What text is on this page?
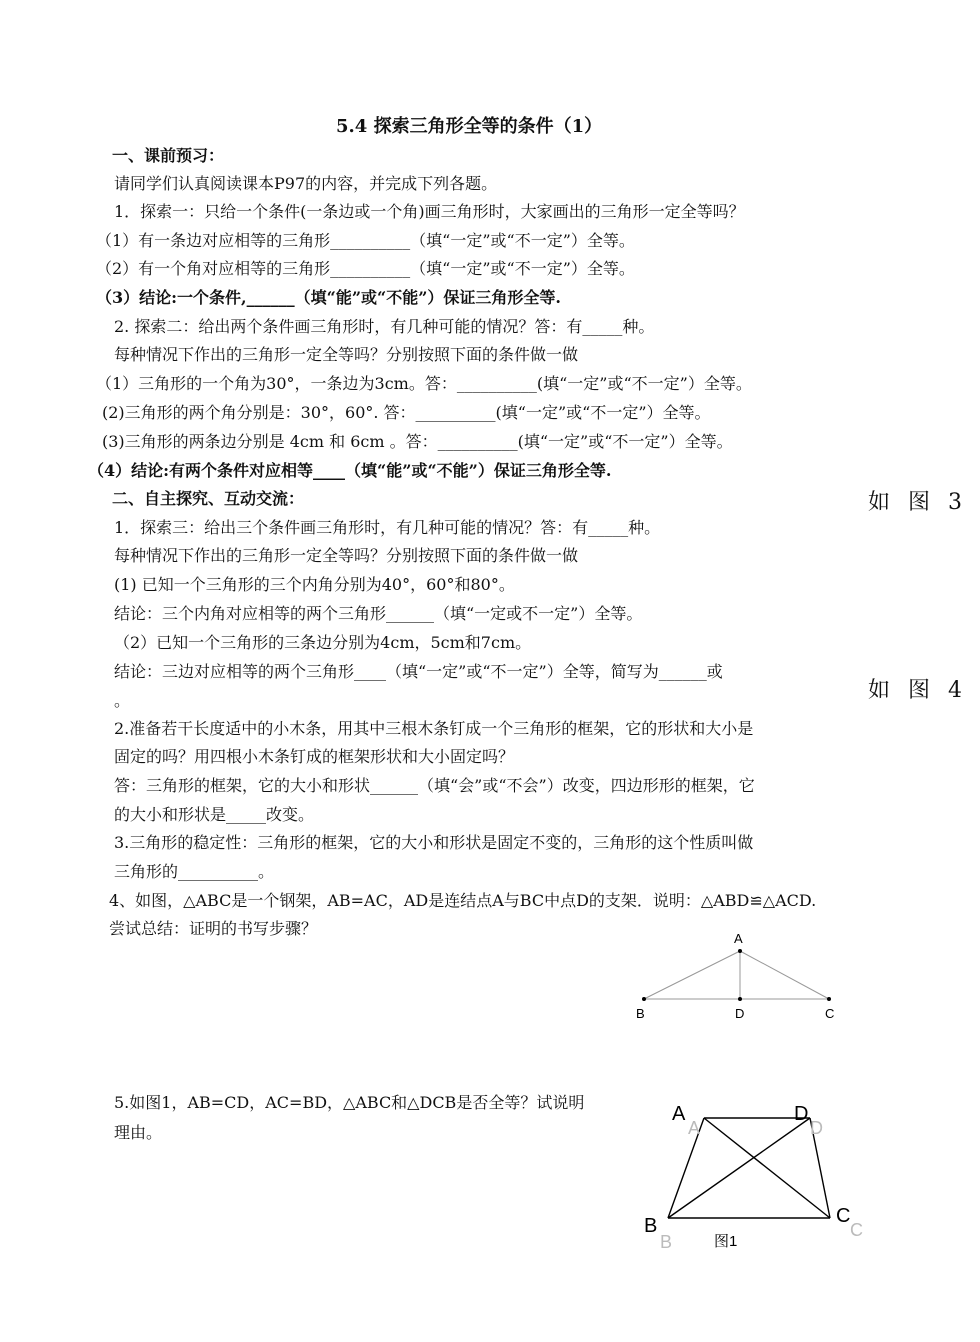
5.4 探索三角形全等的条件（1）
一、课前预习：
请同学们认真阅读课本P97的内容，并完成下列各题。
1．探索一：只给一个条件(一条边或一个角)画三角形时，大家画出的三角形一定全等吗？
（1）有一条边对应相等的三角形__________（填“一定”或“不一定”）全等。
（2）有一个角对应相等的三角形__________（填“一定”或“不一定”）全等。
（3）结论:一个条件,______（填“能”或“不能”）保证三角形全等.
2. 探索二：给出两个条件画三角形时，有几种可能的情况？答：有_____种。
每种情况下作出的三角形一定全等吗？分别按照下面的条件做一做
（1）三角形的一个角为30°，一条边为3cm。答：__________(填“一定”或“不一定”）全等。
(2)三角形的两个角分别是：30°，60°. 答：__________(填“一定”或“不一定”）全等。
(3)三角形的两条边分别是 4cm 和 6cm 。答：__________(填“一定”或“不一定”）全等。
（4）结论:有两个条件对应相等____（填“能”或“不能”）保证三角形全等.
二、自主探究、互动交流：
1．探索三：给出三个条件画三角形时，有几种可能的情况？答：有_____种。
每种情况下作出的三角形一定全等吗？分别按照下面的条件做一做
(1) 已知一个三角形的三个内角分别为40°，60°和80°。
结论：三个内角对应相等的两个三角形______（填“一定或不一定”）全等。
（2）已知一个三角形的三条边分别为4cm，5cm和7cm。
结论：三边对应相等的两个三角形____（填“一定”或“不一定”）全等，简写为______或
。
2.准备若干长度适中的小木条，用其中三根木条钉成一个三角形的框架，它的形状和大小是
固定的吗？用四根小木条钉成的框架形状和大小固定吗？
答：三角形的框架，它的大小和形状______（填“会”或“不会”）改变，四边形形的框架，它
的大小和形状是_____改变。
3.三角形的稳定性：三角形的框架，它的大小和形状是固定不变的，三角形的这个性质叫做
三角形的__________。
4、如图，△ABC是一个钢架，AB=AC，AD是连结点A与BC中点D的支架．说明：△ABD≌△ACD.
尝试总结：证明的书写步骤？
5.如图1，AB=CD，AC=BD，△ABC和△DCB是否全等？试说明
理由。
如图3
如图4
A
B	D	C
A
A
D
D
B
B
C
C
图1
